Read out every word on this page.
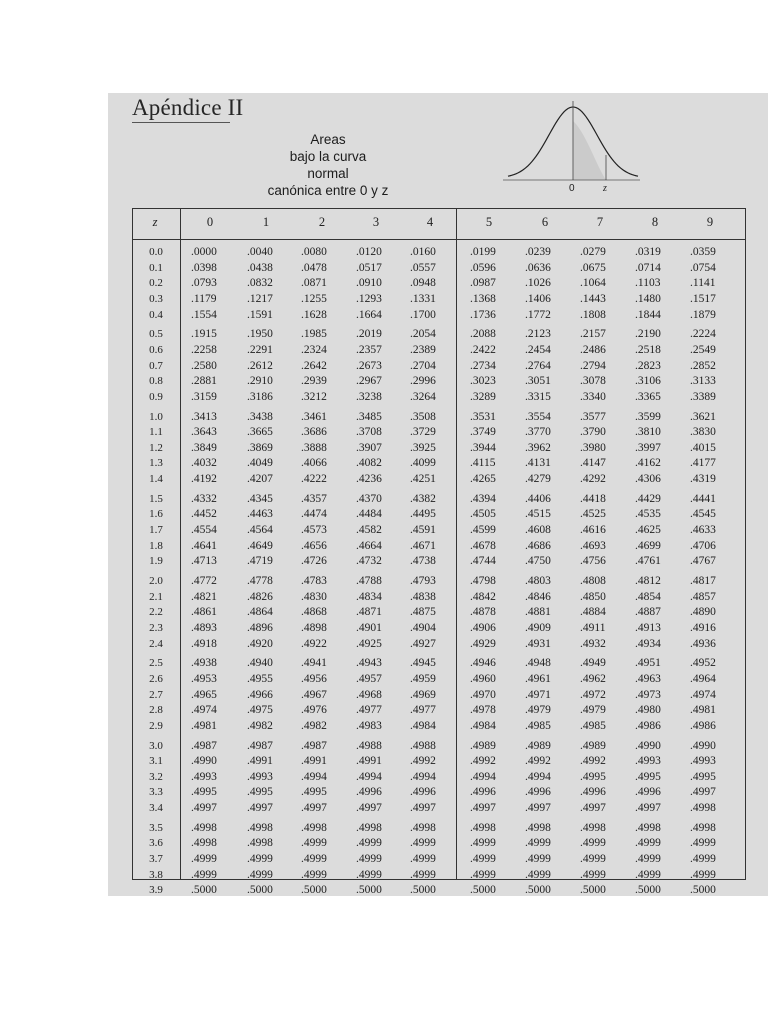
Apéndice II
Areas
bajo la curva
normal
canónica entre 0 y z	0	z
z	0	1	2	3	4	5	6	7	8	9
0.0	.0000	.0040	.0080	.0120	.0160	.0199	.0239	.0279	.0319	.0359
0.1	.0398	.0438	.0478	.0517	.0557	.0596	.0636	.0675	.0714	.0754
0.2	.0793	.0832	.0871	.0910	.0948	.0987	.1026	.1064	.1103	.1141
0.3	.1179	.1217	.1255	.1293	.1331	.1368	.1406	.1443	.1480	.1517
0.4	.1554	.1591	.1628	.1664	.1700	.1736	.1772	.1808	.1844	.1879
0.5	.1915	.1950	.1985	.2019	.2054	.2088	.2123	.2157	.2190	.2224
0.6	.2258	.2291	.2324	.2357	.2389	.2422	.2454	.2486	.2518	.2549
0.7	.2580	.2612	.2642	.2673	.2704	.2734	.2764	.2794	.2823	.2852
0.8	.2881	.2910	.2939	.2967	.2996	.3023	.3051	.3078	.3106	.3133
0.9	.3159	.3186	.3212	.3238	.3264	.3289	.3315	.3340	.3365	.3389
1.0	.3413	.3438	.3461	.3485	.3508	.3531	.3554	.3577	.3599	.3621
1.1	.3643	.3665	.3686	.3708	.3729	.3749	.3770	.3790	.3810	.3830
1.2	.3849	.3869	.3888	.3907	.3925	.3944	.3962	.3980	.3997	.4015
1.3	.4032	.4049	.4066	.4082	.4099	.4115	.4131	.4147	.4162	.4177
1.4	.4192	.4207	.4222	.4236	.4251	.4265	.4279	.4292	.4306	.4319
1.5	.4332	.4345	.4357	.4370	.4382	.4394	.4406	.4418	.4429	.4441
1.6	.4452	.4463	.4474	.4484	.4495	.4505	.4515	.4525	.4535	.4545
1.7	.4554	.4564	.4573	.4582	.4591	.4599	.4608	.4616	.4625	.4633
1.8	.4641	.4649	.4656	.4664	.4671	.4678	.4686	.4693	.4699	.4706
1.9	.4713	.4719	.4726	.4732	.4738	.4744	.4750	.4756	.4761	.4767
2.0	.4772	.4778	.4783	.4788	.4793	.4798	.4803	.4808	.4812	.4817
2.1	.4821	.4826	.4830	.4834	.4838	.4842	.4846	.4850	.4854	.4857
2.2	.4861	.4864	.4868	.4871	.4875	.4878	.4881	.4884	.4887	.4890
2.3	.4893	.4896	.4898	.4901	.4904	.4906	.4909	.4911	.4913	.4916
2.4	.4918	.4920	.4922	.4925	.4927	.4929	.4931	.4932	.4934	.4936
2.5	.4938	.4940	.4941	.4943	.4945	.4946	.4948	.4949	.4951	.4952
2.6	.4953	.4955	.4956	.4957	.4959	.4960	.4961	.4962	.4963	.4964
2.7	.4965	.4966	.4967	.4968	.4969	.4970	.4971	.4972	.4973	.4974
2.8	.4974	.4975	.4976	.4977	.4977	.4978	.4979	.4979	.4980	.4981
2.9	.4981	.4982	.4982	.4983	.4984	.4984	.4985	.4985	.4986	.4986
3.0	.4987	.4987	.4987	.4988	.4988	.4989	.4989	.4989	.4990	.4990
3.1	.4990	.4991	.4991	.4991	.4992	.4992	.4992	.4992	.4993	.4993
3.2	.4993	.4993	.4994	.4994	.4994	.4994	.4994	.4995	.4995	.4995
3.3	.4995	.4995	.4995	.4996	.4996	.4996	.4996	.4996	.4996	.4997
3.4	.4997	.4997	.4997	.4997	.4997	.4997	.4997	.4997	.4997	.4998
3.5	.4998	.4998	.4998	.4998	.4998	.4998	.4998	.4998	.4998	.4998
3.6	.4998	.4998	.4999	.4999	.4999	.4999	.4999	.4999	.4999	.4999
3.7	.4999	.4999	.4999	.4999	.4999	.4999	.4999	.4999	.4999	.4999
3.8	.4999	.4999	.4999	.4999	.4999	.4999	.4999	.4999	.4999	.4999
3.9	.5000	.5000	.5000	.5000	.5000	.5000	.5000	.5000	.5000	.5000
